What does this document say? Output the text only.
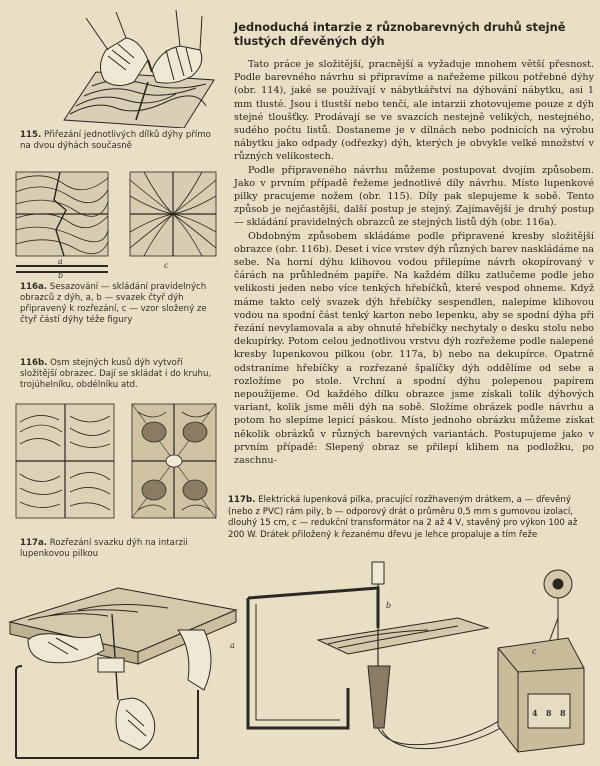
115. Přiřezání jednotlivých dílků dýhy přímo na dvou dýhách současně
a
b
c
116a. Sesazování — skládání pravidelných obrazců z dýh, a, b — svazek čtyř dýh připravený k rozřezání, c — vzor složený ze čtyř částí dýhy téže figury
116b. Osm stejných kusů dýh vytvoří složitější obrazec. Dají se skládat i do kruhu, trojúhelníku, obdélníku atd.
117a. Rozřezání svazku dýh na intarzii lupenkovou pilkou
Jednoduchá intarzie z různobarevných druhů stejně tlustých dřevěných dýh

Tato práce je složitější, pracnější a vyžaduje mnohem větší přesnost. Podle barevného návrhu si připravíme a nařežeme pilkou potřebné dýhy (obr. 114), jaké se používají v nábytkářství na dýhování nábytku, asi 1 mm tlusté. Jsou i tlustší nebo tenčí, ale intarzii zhotovujeme pouze z dýh stejné tloušťky. Prodávají se ve svazcích nestejně velikých, nestejného, sudého počtu listů. Dostaneme je v dílnách nebo podnicích na výrobu nábytku jako odpady (odřezky) dýh, kterých je obvykle velké množství v různých velikostech.

Podle připraveného návrhu můžeme postupovat dvojím způsobem. Jako v prvním případě řežeme jednotlivé díly návrhu. Místo lupenkové pilky pracujeme nožem (obr. 115). Díly pak slepujeme k sobě. Tento způsob je nejčastější, další postup je stejný. Zajímavější je druhý postup — skládání pravidelných obrazců ze stejných listů dýh (obr. 116a).

Obdobným způsobem skládáme podle připravené kresby složitější obrazce (obr. 116b). Deset i více vrstev dýh různých barev naskládáme na sebe. Na horní dýhu klihovou vodou přilepíme návrh okopírovaný v čárách na průhledném papíře. Na každém dílku zatlučeme podle jeho velikosti jeden nebo více tenkých hřebíčků, které vespod ohneme. Když máme takto celý svazek dýh hřebíčky sespendlen, nalepíme klihovou vodou na spodní část tenký karton nebo lepenku, aby se spodní dýha při řezání nevylamovala a aby ohnuté hřebíčky nechytaly o desku stolu nebo dekupírky. Potom celou jednotlivou vrstvu dýh rozřežeme podle nalepené kresby lupenkovou pilkou (obr. 117a, b) nebo na dekupírce. Opatrně odstraníme hřebíčky a rozřezané špalíčky dýh oddělíme od sebe a rozložíme po stole. Vrchní a spodní dýhu polepenou papírem nepoužijeme. Od každého dílku obrazce jsme získali tolik dýhových variant, kolik jsme měli dýh na sobě. Složíme obrázek podle návrhu a potom ho slepíme lepicí páskou. Místo jednoho obrázku můžeme získat několik obrázků v různých barevných variantách. Postupujeme jako v prvním případě: Slepený obraz se přilepí klihem na podložku, po zaschnu-

117b. Elektrická lupenková pilka, pracující rozžhaveným drátkem, a — dřevěný (nebo z PVC) rám pily, b — odporový drát o průměru 0,5 mm s gumovou izolací, dlouhý 15 cm, c — redukční transformátor na 2 až 4 V, stavěný pro výkon 100 až 200 W. Drátek přiložený k řezanému dřevu je lehce propaluje a tím řeže
a
b
c
4 8 8
